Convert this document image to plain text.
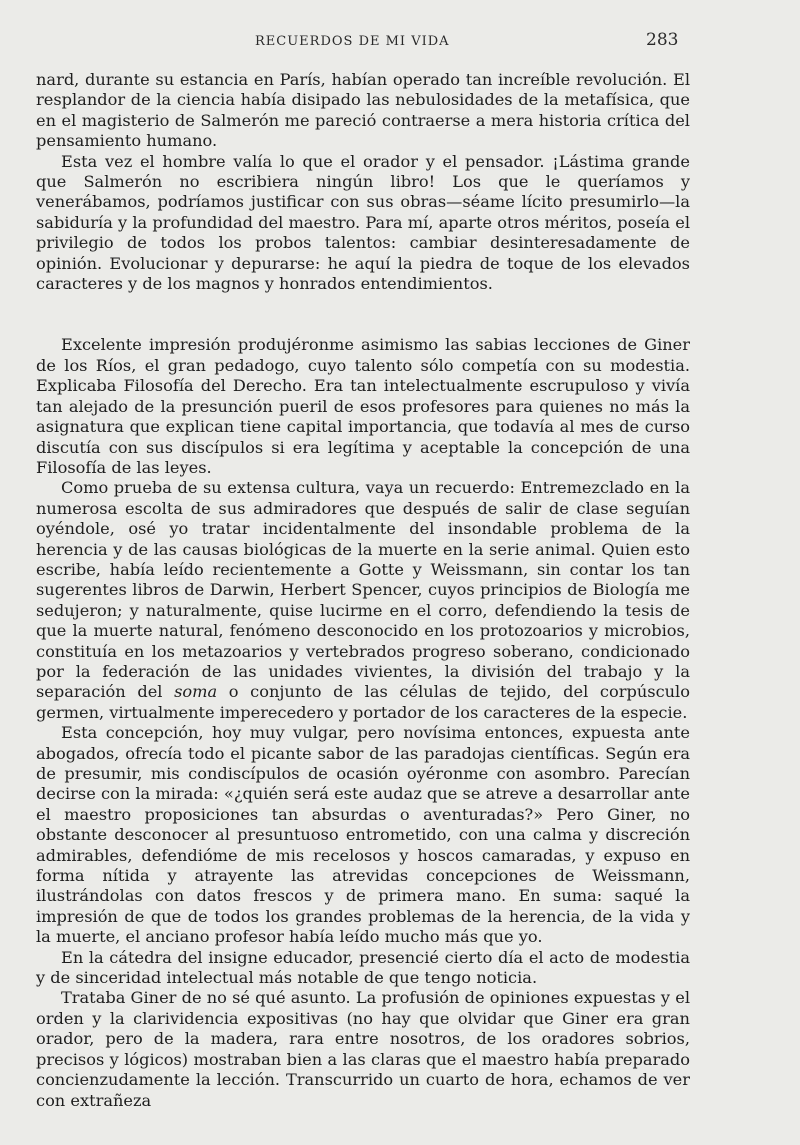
RECUERDOS DE MI VIDA	283

nard, durante su estancia en París, habían operado tan increíble revolución. El resplandor de la ciencia había disipado las nebulosidades de la metafísica, que en el magisterio de Salmerón me pareció contraerse a mera historia crítica del pensamiento humano.

Esta vez el hombre valía lo que el orador y el pensador. ¡Lástima grande que Salmerón no escribiera ningún libro! Los que le queríamos y venerábamos, podríamos justificar con sus obras—séame lícito presumirlo—la sabiduría y la profundidad del maestro. Para mí, aparte otros méritos, poseía el privilegio de todos los probos talentos: cambiar desinteresadamente de opinión. Evolucionar y depurarse: he aquí la piedra de toque de los elevados caracteres y de los magnos y honrados entendimientos.

Excelente impresión produjéronme asimismo las sabias lecciones de Giner de los Ríos, el gran pedadogo, cuyo talento sólo competía con su modestia. Explicaba Filosofía del Derecho. Era tan intelectualmente escrupuloso y vivía tan alejado de la presunción pueril de esos profesores para quienes no más la asignatura que explican tiene capital importancia, que todavía al mes de curso discutía con sus discípulos si era legítima y aceptable la concepción de una Filosofía de las leyes.

Como prueba de su extensa cultura, vaya un recuerdo: Entremezclado en la numerosa escolta de sus admiradores que después de salir de clase seguían oyéndole, osé yo tratar incidentalmente del insondable problema de la herencia y de las causas biológicas de la muerte en la serie animal. Quien esto escribe, había leído recientemente a Gotte y Weissmann, sin contar los tan sugerentes libros de Darwin, Herbert Spencer, cuyos principios de Biología me sedujeron; y naturalmente, quise lucirme en el corro, defendiendo la tesis de que la muerte natural, fenómeno desconocido en los protozoarios y microbios, constituía en los metazoarios y vertebrados progreso soberano, condicionado por la federación de las unidades vivientes, la división del trabajo y la separación del soma o conjunto de las células de tejido, del corpúsculo germen, virtualmente imperecedero y portador de los caracteres de la especie.

Esta concepción, hoy muy vulgar, pero novísima entonces, expuesta ante abogados, ofrecía todo el picante sabor de las paradojas científicas. Según era de presumir, mis condiscípulos de ocasión oyéronme con asombro. Parecían decirse con la mirada: «¿quién será este audaz que se atreve a desarrollar ante el maestro proposiciones tan absurdas o aventuradas?» Pero Giner, no obstante desconocer al presuntuoso entrometido, con una calma y discreción admirables, defendióme de mis recelosos y hoscos camaradas, y expuso en forma nítida y atrayente las atrevidas concepciones de Weissmann, ilustrándolas con datos frescos y de primera mano. En suma: saqué la impresión de que de todos los grandes problemas de la herencia, de la vida y la muerte, el anciano profesor había leído mucho más que yo.

En la cátedra del insigne educador, presencié cierto día el acto de modestia y de sinceridad intelectual más notable de que tengo noticia.

Trataba Giner de no sé qué asunto. La profusión de opiniones expuestas y el orden y la clarividencia expositivas (no hay que olvidar que Giner era gran orador, pero de la madera, rara entre nosotros, de los oradores sobrios, precisos y lógicos) mostraban bien a las claras que el maestro había preparado concienzudamente la lección. Transcurrido un cuarto de hora, echamos de ver con extrañeza
